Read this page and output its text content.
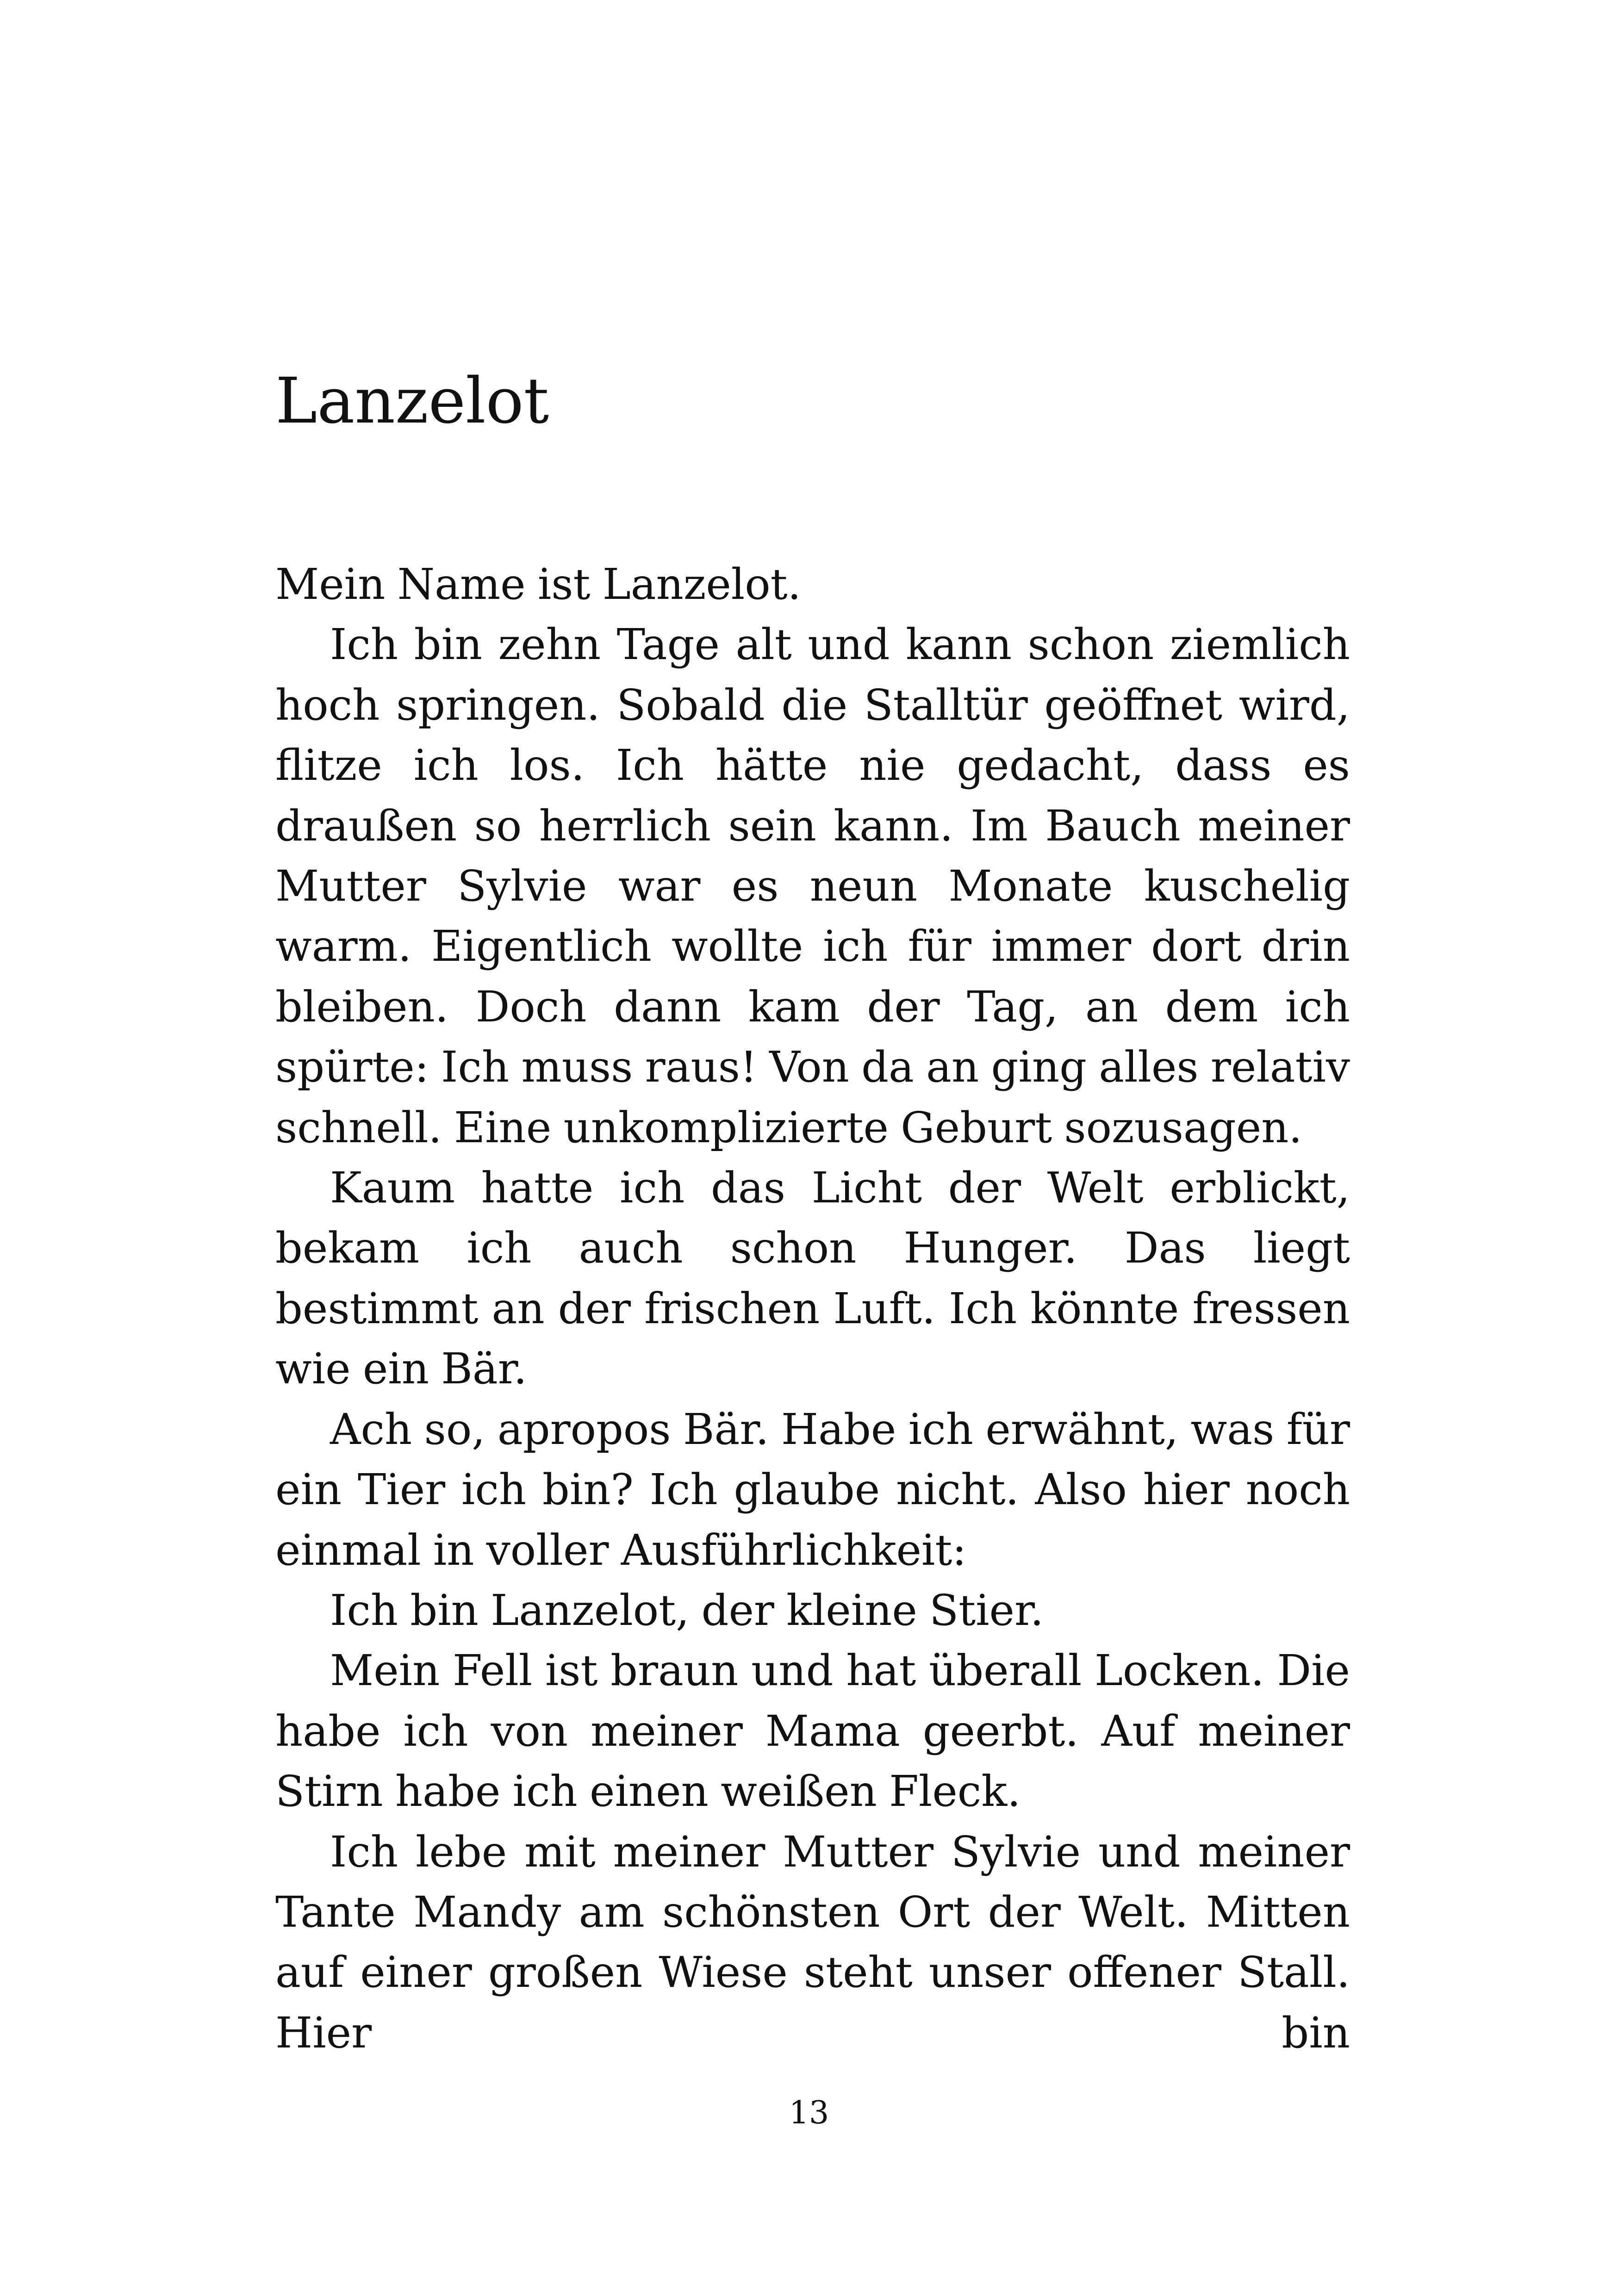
Lanzelot

Mein Name ist Lanzelot.

Ich bin zehn Tage alt und kann schon ziemlich hoch springen. Sobald die Stalltür geöffnet wird, flitze ich los. Ich hätte nie gedacht, dass es draußen so herrlich sein kann. Im Bauch meiner Mutter Sylvie war es neun Monate kuschelig warm. Eigentlich wollte ich für immer dort drin bleiben. Doch dann kam der Tag, an dem ich spürte: Ich muss raus! Von da an ging alles relativ schnell. Eine unkomplizierte Geburt sozusagen.

Kaum hatte ich das Licht der Welt erblickt, bekam ich auch schon Hunger. Das liegt bestimmt an der frischen Luft. Ich könnte fressen wie ein Bär.

Ach so, apropos Bär. Habe ich erwähnt, was für ein Tier ich bin? Ich glaube nicht. Also hier noch einmal in voller Ausführlichkeit:

Ich bin Lanzelot, der kleine Stier.

Mein Fell ist braun und hat überall Locken. Die habe ich von meiner Mama geerbt. Auf meiner Stirn habe ich einen weißen Fleck.

Ich lebe mit meiner Mutter Sylvie und meiner Tante Mandy am schönsten Ort der Welt. Mitten auf einer großen Wiese steht unser offener Stall. Hier bin

13
